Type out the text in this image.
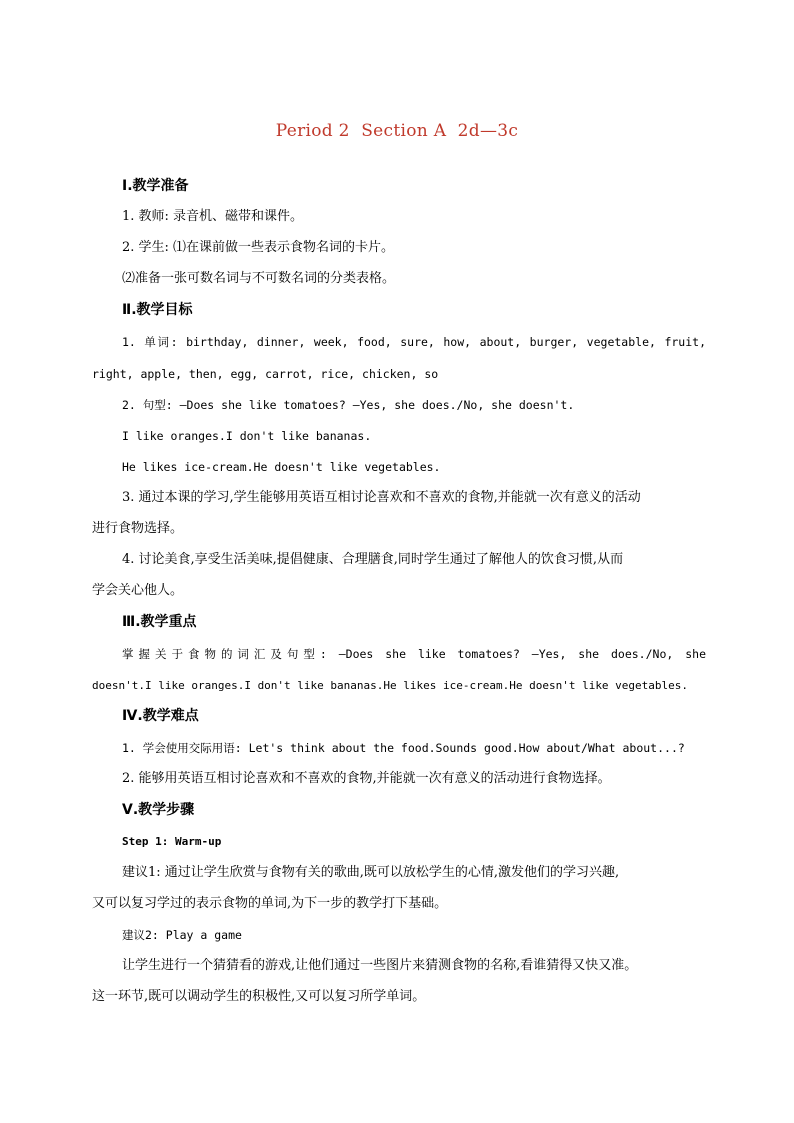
Period 2  Section A  2d—3c
Ⅰ.教学准备
1. 教师: 录音机、磁带和课件。
2. 学生: ⑴在课前做一些表示食物名词的卡片。
⑵准备一张可数名词与不可数名词的分类表格。
Ⅱ.教学目标
1. 单词: birthday, dinner, week, food, sure, how, about, burger, vegetable, fruit,
right, apple, then, egg, carrot, rice, chicken, so
2. 句型: —Does she like tomatoes? —Yes, she does./No, she doesn't.
I like oranges.I don't like bananas.
He likes ice-cream.He doesn't like vegetables.
3. 通过本课的学习,学生能够用英语互相讨论喜欢和不喜欢的食物,并能就一次有意义的活动
进行食物选择。
4. 讨论美食,享受生活美味,提倡健康、合理膳食,同时学生通过了解他人的饮食习惯,从而
学会关心他人。
Ⅲ.教学重点
掌握关于食物的词汇及句型: —Does she like tomatoes? —Yes, she does./No, she
doesn't.I like oranges.I don't like bananas.He likes ice-cream.He doesn't like vegetables.
Ⅳ.教学难点
1. 学会使用交际用语: Let's think about the food.Sounds good.How about/What about...?
2. 能够用英语互相讨论喜欢和不喜欢的食物,并能就一次有意义的活动进行食物选择。
Ⅴ.教学步骤
Step 1: Warm-up
建议1: 通过让学生欣赏与食物有关的歌曲,既可以放松学生的心情,激发他们的学习兴趣,
又可以复习学过的表示食物的单词,为下一步的教学打下基础。
建议2: Play a game
让学生进行一个猜猜看的游戏,让他们通过一些图片来猜测食物的名称,看谁猜得又快又准。
这一环节,既可以调动学生的积极性,又可以复习所学单词。
